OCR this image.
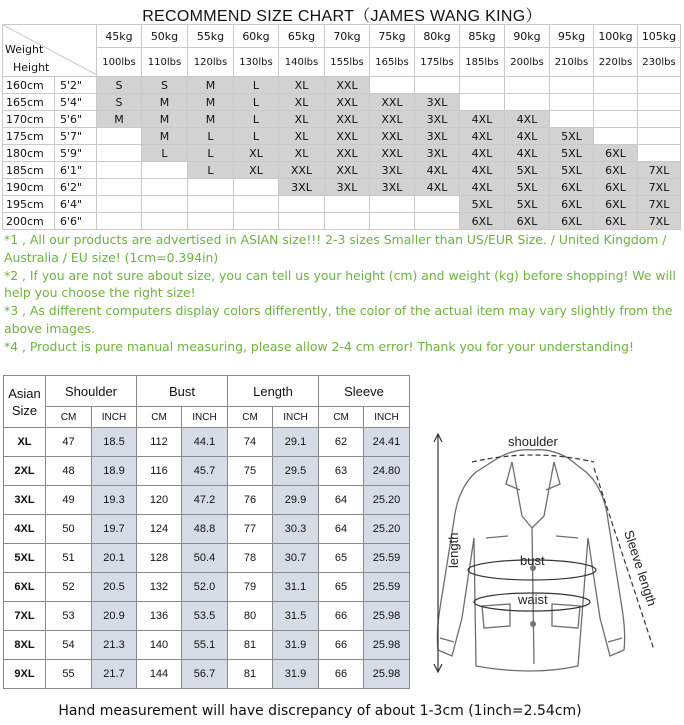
RECOMMEND SIZE CHART（JAMES WANG KING）
Weight
Height		45kg	50kg	55kg	60kg	65kg	70kg	75kg	80kg	85kg	90kg	95kg	100kg	105kg
		100lbs	110lbs	120lbs	130lbs	140lbs	155lbs	165lbs	175lbs	185lbs	200lbs	210lbs	220lbs	230lbs
160cm	5'2"	S	S	M	L	XL	XXL							
165cm	5'4"	S	M	M	L	XL	XXL	XXL	3XL					
170cm	5'6"	M	M	M	L	XL	XXL	XXL	3XL	4XL	4XL			
175cm	5'7"		M	L	L	XL	XXL	XXL	3XL	4XL	4XL	5XL		
180cm	5'9"		L	L	XL	XL	XXL	XXL	3XL	4XL	4XL	5XL	6XL	
185cm	6'1"			L	XL	XXL	XXL	3XL	4XL	4XL	5XL	5XL	6XL	7XL
190cm	6'2"					3XL	3XL	3XL	4XL	4XL	5XL	6XL	6XL	7XL
195cm	6'4"									5XL	5XL	6XL	6XL	7XL
200cm	6'6"									6XL	6XL	6XL	6XL	7XL

*1 , All our products are advertised in ASIAN size!!! 2-3 sizes Smaller than US/EUR Size. / United Kingdom / Australia / EU size! (1cm=0.394in)

*2 , If you are not sure about size, you can tell us your height (cm) and weight (kg) before shopping! We will help you choose the right size!

*3 , As different computers display colors differently, the color of the actual item may vary slightly from the above images.

*4 , Product is pure manual measuring, please allow 2-4 cm error! Thank you for your understanding!

Asian
Size	Shoulder		Bust		Length		Sleeve	
	CM	INCH	CM	INCH	CM	INCH	CM	INCH
XL	47	18.5	112	44.1	74	29.1	62	24.41
2XL	48	18.9	116	45.7	75	29.5	63	24.80
3XL	49	19.3	120	47.2	76	29.9	64	25.20
4XL	50	19.7	124	48.8	77	30.3	64	25.20
5XL	51	20.1	128	50.4	78	30.7	65	25.59
6XL	52	20.5	132	52.0	79	31.1	65	25.59
7XL	53	20.9	136	53.5	80	31.5	66	25.98
8XL	54	21.3	140	55.1	81	31.9	66	25.98
9XL	55	21.7	144	56.7	81	31.9	66	25.98
shoulder
length	bust
waist	Sleeve length
Hand measurement will have discrepancy of about 1-3cm (1inch=2.54cm)
